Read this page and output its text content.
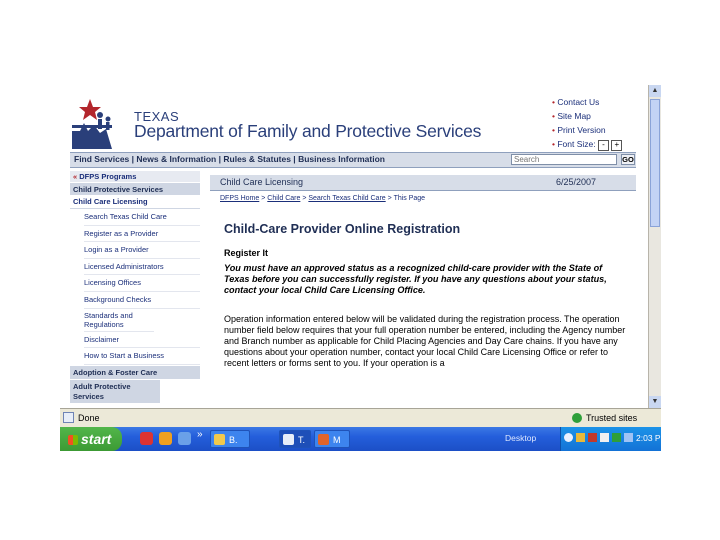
TEXAS
Department of Family and Protective Services
• Contact Us
• Site Map
• Print Version
• Font Size: - +
Find Services | News & Information | Rules & Statutes | Business Information
Search	GO
« DFPS Programs
Child Protective Services
Child Care Licensing
Search Texas Child Care
Register as a Provider
Login as a Provider
Licensed Administrators
Licensing Offices
Background Checks
Standards and Regulations
Disclaimer
How to Start a Business
Adoption & Foster Care
Adult Protective Services
Child Care Licensing	6/25/2007
DFPS Home > Child Care > Search Texas Child Care > This Page
Child-Care Provider Online Registration
Register It
You must have an approved status as a recognized child-care provider with the State of Texas before you can successfully register. If you have any questions about your status, contact your local Child Care Licensing Office.
Operation information entered below will be validated during the registration process. The operation number field below requires that your full operation number be entered, including the Agency number and Branch number as applicable for Child Placing Agencies and Day Care chains. If you have any questions about your operation number, contact your local Child Care Licensing Office or refer to recent letters or forms sent to you. If your operation is a
▲
▼
Done	Trusted sites
start	»	B.	T.	M	Desktop	2:03 PM
